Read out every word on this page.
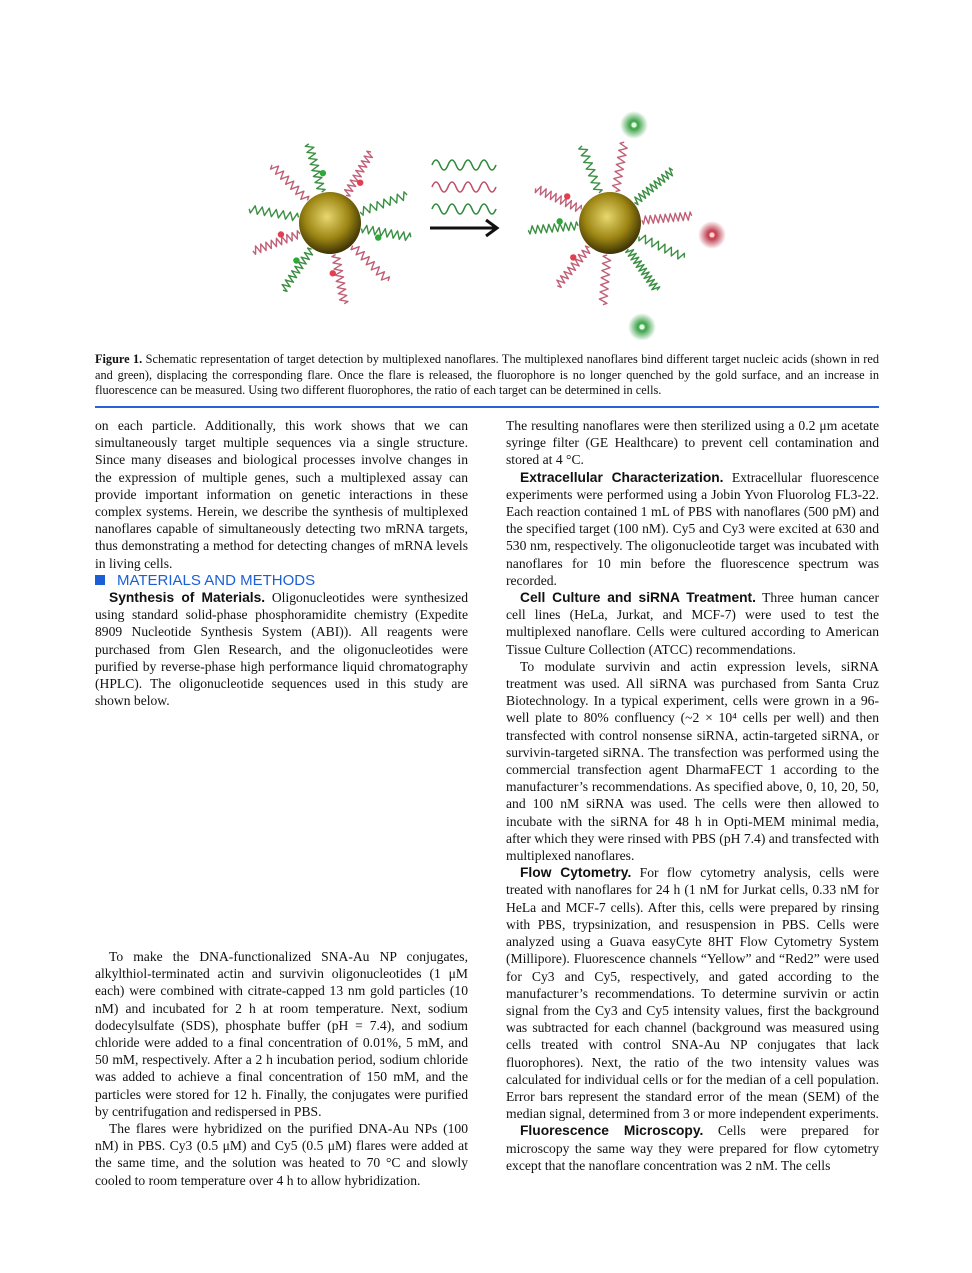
Figure 1. Schematic representation of target detection by multiplexed nanoflares. The multiplexed nanoflares bind different target nucleic acids (shown in red and green), displacing the corresponding flare. Once the flare is released, the fluorophore is no longer quenched by the gold surface, and an increase in fluorescence can be measured. Using two different fluorophores, the ratio of each target can be determined in cells.

on each particle. Additionally, this work shows that we can simultaneously target multiple sequences via a single structure. Since many diseases and biological processes involve changes in the expression of multiple genes, such a multiplexed assay can provide important information on genetic interactions in these complex systems. Herein, we describe the synthesis of multiplexed nanoflares capable of simultaneously detecting two mRNA targets, thus demonstrating a method for detecting changes of mRNA levels in living cells.

MATERIALS AND METHODS

Synthesis of Materials. Oligonucleotides were synthesized using standard solid-phase phosphoramidite chemistry (Expedite 8909 Nucleotide Synthesis System (ABI)). All reagents were purchased from Glen Research, and the oligonucleotides were purified by reverse-phase high performance liquid chromatography (HPLC). The oligonucleotide sequences used in this study are shown below.

To make the DNA-functionalized SNA-Au NP conjugates, alkylthiol-terminated actin and survivin oligonucleotides (1 μM each) were combined with citrate-capped 13 nm gold particles (10 nM) and incubated for 2 h at room temperature. Next, sodium dodecylsulfate (SDS), phosphate buffer (pH = 7.4), and sodium chloride were added to a final concentration of 0.01%, 5 mM, and 50 mM, respectively. After a 2 h incubation period, sodium chloride was added to achieve a final concentration of 150 mM, and the particles were stored for 12 h. Finally, the conjugates were purified by centrifugation and redispersed in PBS.

The flares were hybridized on the purified DNA-Au NPs (100 nM) in PBS. Cy3 (0.5 μM) and Cy5 (0.5 μM) flares were added at the same time, and the solution was heated to 70 °C and slowly cooled to room temperature over 4 h to allow hybridization.

The resulting nanoflares were then sterilized using a 0.2 μm acetate syringe filter (GE Healthcare) to prevent cell contamination and stored at 4 °C.

Extracellular Characterization. Extracellular fluorescence experiments were performed using a Jobin Yvon Fluorolog FL3-22. Each reaction contained 1 mL of PBS with nanoflares (500 pM) and the specified target (100 nM). Cy5 and Cy3 were excited at 630 and 530 nm, respectively. The oligonucleotide target was incubated with nanoflares for 10 min before the fluorescence spectrum was recorded.

Cell Culture and siRNA Treatment. Three human cancer cell lines (HeLa, Jurkat, and MCF-7) were used to test the multiplexed nanoflare. Cells were cultured according to American Tissue Culture Collection (ATCC) recommendations.

To modulate survivin and actin expression levels, siRNA treatment was used. All siRNA was purchased from Santa Cruz Biotechnology. In a typical experiment, cells were grown in a 96-well plate to 80% confluency (~2 × 10⁴ cells per well) and then transfected with control nonsense siRNA, actin-targeted siRNA, or survivin-targeted siRNA. The transfection was performed using the commercial transfection agent DharmaFECT 1 according to the manufacturer’s recommendations. As specified above, 0, 10, 20, 50, and 100 nM siRNA was used. The cells were then allowed to incubate with the siRNA for 48 h in Opti-MEM minimal media, after which they were rinsed with PBS (pH 7.4) and transfected with multiplexed nanoflares.

Flow Cytometry. For flow cytometry analysis, cells were treated with nanoflares for 24 h (1 nM for Jurkat cells, 0.33 nM for HeLa and MCF-7 cells). After this, cells were prepared by rinsing with PBS, trypsinization, and resuspension in PBS. Cells were analyzed using a Guava easyCyte 8HT Flow Cytometry System (Millipore). Fluorescence channels “Yellow” and “Red2” were used for Cy3 and Cy5, respectively, and gated according to the manufacturer’s recommendations. To determine survivin or actin signal from the Cy3 and Cy5 intensity values, first the background was subtracted for each channel (background was measured using cells treated with control SNA-Au NP conjugates that lack fluorophores). Next, the ratio of the two intensity values was calculated for individual cells or for the median of a cell population. Error bars represent the standard error of the mean (SEM) of the median signal, determined from 3 or more independent experiments.

Fluorescence Microscopy. Cells were prepared for microscopy the same way they were prepared for flow cytometry except that the nanoflare concentration was 2 nM. The cells
